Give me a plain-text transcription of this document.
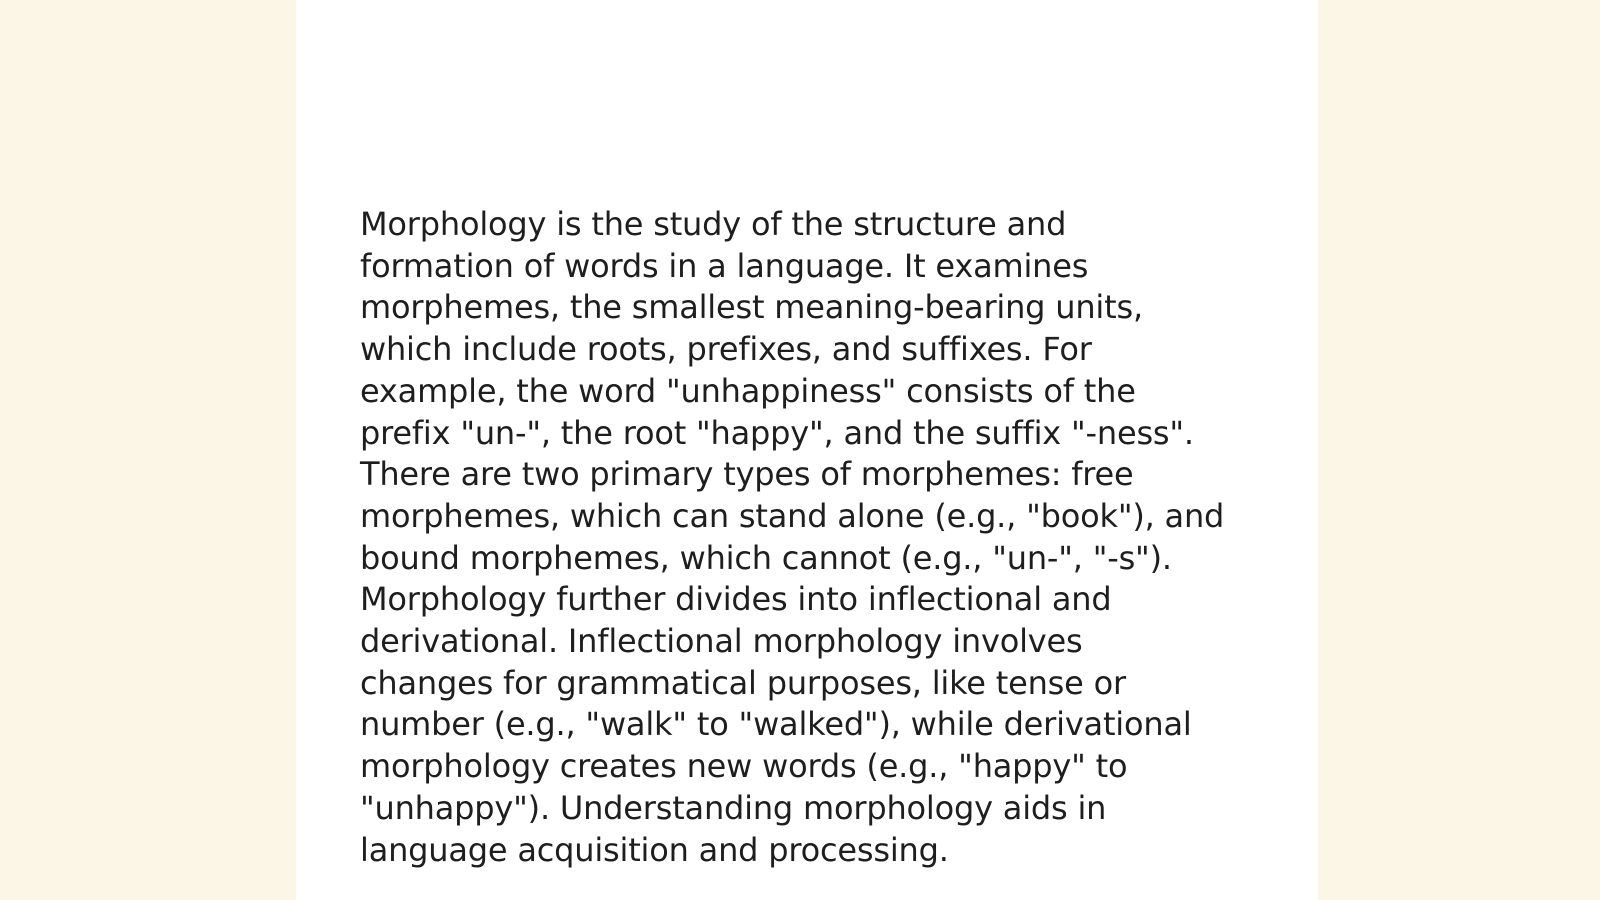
Morphology is the study of the structure and
formation of words in a language. It examines
morphemes, the smallest meaning-bearing units,
which include roots, prefixes, and suffixes. For
example, the word "unhappiness" consists of the
prefix "un-", the root "happy", and the suffix "-ness".
There are two primary types of morphemes: free
morphemes, which can stand alone (e.g., "book"), and
bound morphemes, which cannot (e.g., "un-", "-s").
Morphology further divides into inflectional and
derivational. Inflectional morphology involves
changes for grammatical purposes, like tense or
number (e.g., "walk" to "walked"), while derivational
morphology creates new words (e.g., "happy" to
"unhappy"). Understanding morphology aids in
language acquisition and processing.
